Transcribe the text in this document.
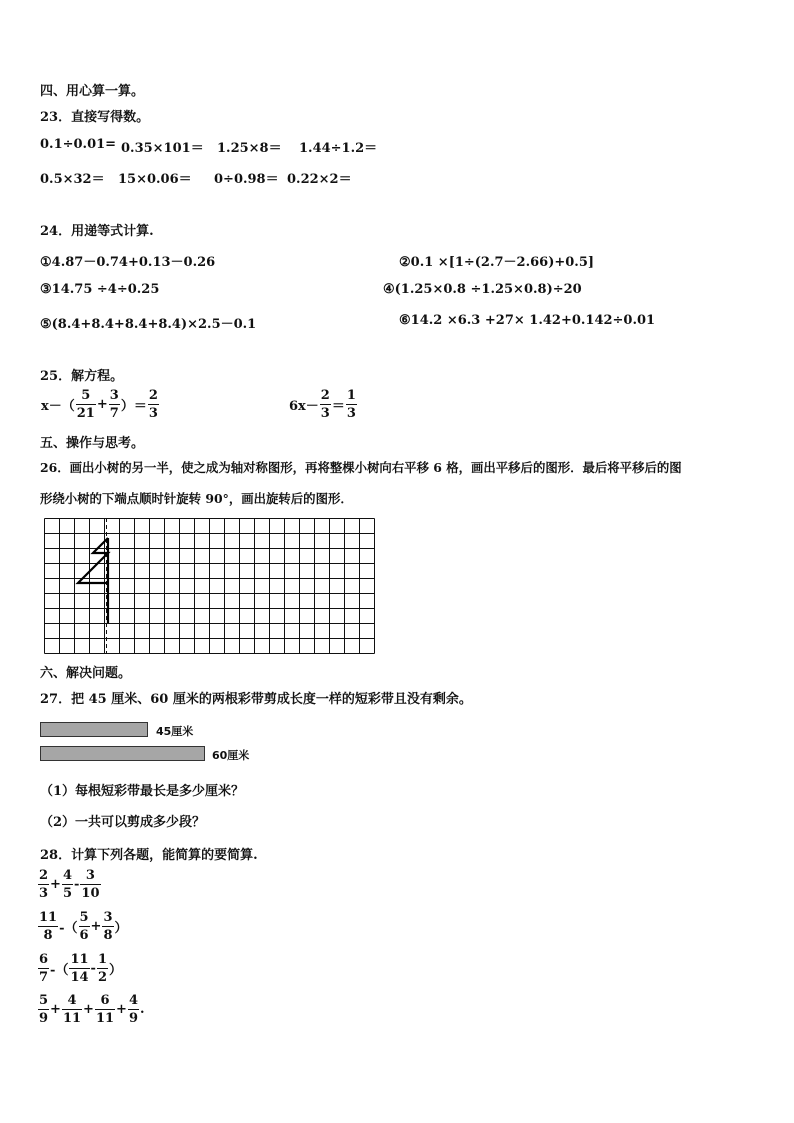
四、用心算一算。
23．直接写得数。
0.1÷0.01= 0.35×101＝ 1.25×8＝ 1.44÷1.2＝
0.5×32＝ 15×0.06＝ 0÷0.98＝ 0.22×2＝
24．用递等式计算.
①4.87－0.74+0.13－0.26	②0.1 ×[1÷(2.7－2.66)+0.5]
③14.75 ÷4÷0.25	④(1.25×0.8 ÷1.25×0.8)÷20
⑤(8.4+8.4+8.4+8.4)×2.5－0.1	⑥14.2 ×6.3 +27× 1.42+0.142÷0.01
25．解方程。
$x-( \frac{5}{21} + \frac{3}{7}$ ）＝ $\frac{2}{3}$	$6x- \frac{2}{3} = \frac{1}{3}$
五、操作与思考。
26．画出小树的另一半，使之成为轴对称图形，再将整棵小树向右平移 6 格，画出平移后的图形．最后将平移后的图
形绕小树的下端点顺时针旋转 90°，画出旋转后的图形．
六、解决问题。
27．把 45 厘米、60 厘米的两根彩带剪成长度一样的短彩带且没有剩余。
45厘米
60厘米
（1）每根短彩带最长是多少厘米？
（2）一共可以剪成多少段？
28．计算下列各题，能简算的要简算.
$\frac{2}{3} + \frac{4}{5} - \frac{3}{10}$
$\frac{11}{8}$ -（ $\frac{5}{6} + \frac{3}{8}$ ）
$\frac{6}{7}$ -（ $\frac{11}{14} - \frac{1}{2}$ ）
$\frac{5}{9} + \frac{4}{11} + \frac{6}{11} + \frac{4}{9}$ .
